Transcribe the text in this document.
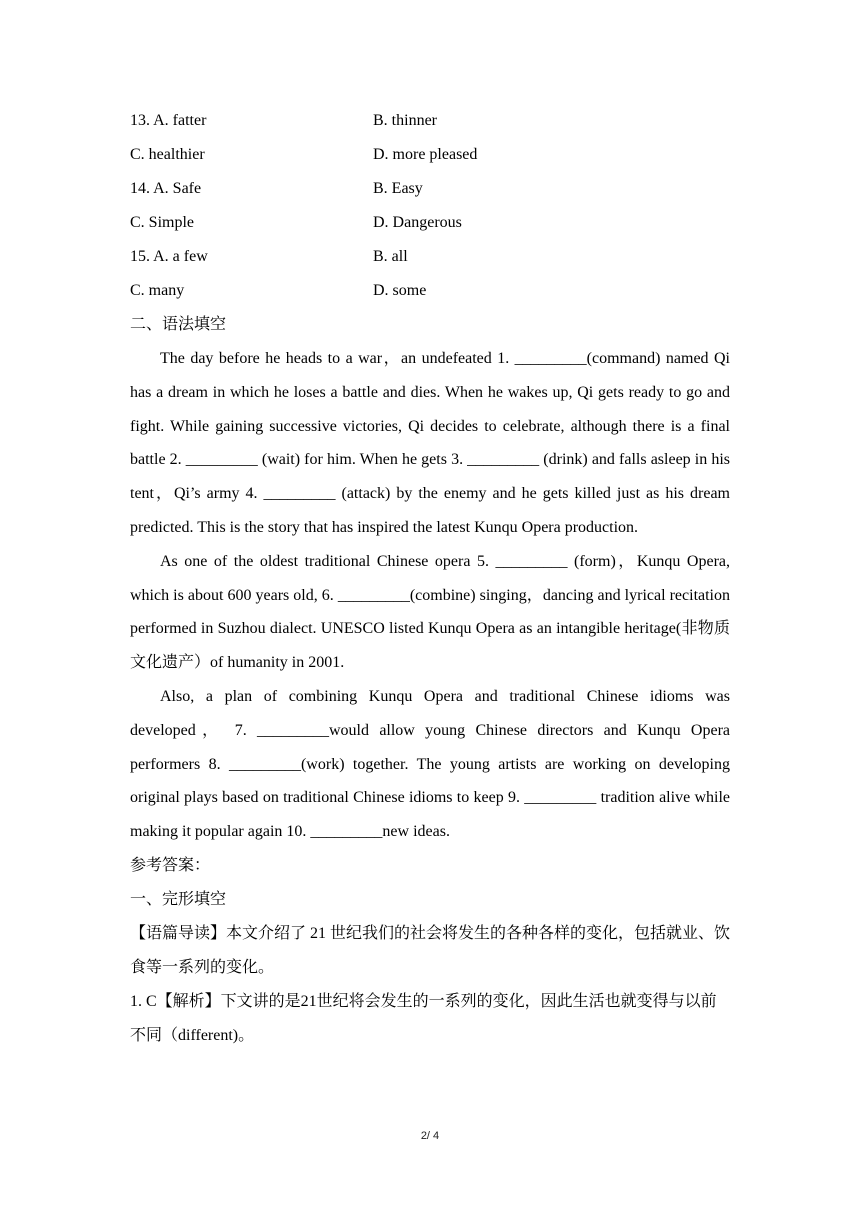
13. A. fatter	B. thinner
C. healthier	D. more pleased
14. A. Safe	B. Easy
C. Simple	D. Dangerous
15. A. a few	B. all
C. many	D. some
二、语法填空

The day before he heads to a war，an undefeated 1. _________(command) named Qi has a dream in which he loses a battle and dies. When he wakes up, Qi gets ready to go and fight. While gaining successive victories, Qi decides to celebrate, although there is a final battle 2. _________ (wait) for him. When he gets 3. _________ (drink) and falls asleep in his tent，Qi’s army 4. _________ (attack) by the enemy and he gets killed just as his dream predicted. This is the story that has inspired the latest Kunqu Opera production.

As one of the oldest traditional Chinese opera 5. _________ (form)，Kunqu Opera, which is about 600 years old, 6. _________(combine) singing，dancing and lyrical recitation performed in Suzhou dialect. UNESCO listed Kunqu Opera as an intangible heritage(非物质文化遗产）of humanity in 2001.

Also, a plan of combining Kunqu Opera and traditional Chinese idioms was developed， 7. _________would allow young Chinese directors and Kunqu Opera performers 8. _________(work) together. The young artists are working on developing original plays based on traditional Chinese idioms to keep 9. _________ tradition alive while making it popular again 10. _________new ideas.

参考答案：
一、完形填空

【语篇导读】本文介绍了 21 世纪我们的社会将发生的各种各样的变化，包括就业、饮食等一系列的变化。

1. C【解析】下文讲的是21世纪将会发生的一系列的变化，因此生活也就变得与以前不同（different)。

2/ 4
